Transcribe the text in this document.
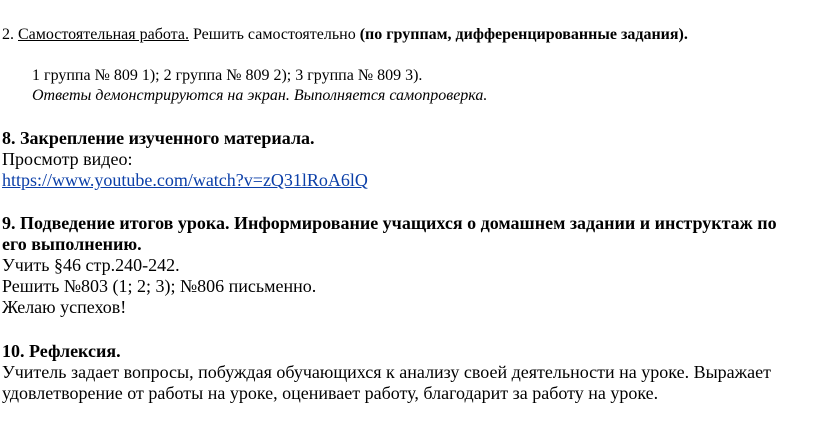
2. Самостоятельная работа. Решить самостоятельно (по группам, дифференцированные задания).
1 группа № 809 1); 2 группа № 809 2); 3 группа № 809 3).
Ответы демонстрируются на экран. Выполняется самопроверка.
8. Закрепление изученного материала.
Просмотр видео:
https://www.youtube.com/watch?v=zQ31lRoA6lQ
9. Подведение итогов урока. Информирование учащихся о домашнем задании и инструктаж по
его выполнению.
Учить §46 стр.240-242.
Решить №803 (1; 2; 3); №806 письменно.
Желаю успехов!
10. Рефлексия.
Учитель задает вопросы, побуждая обучающихся к анализу своей деятельности на уроке. Выражает
удовлетворение от работы на уроке, оценивает работу, благодарит за работу на уроке.
